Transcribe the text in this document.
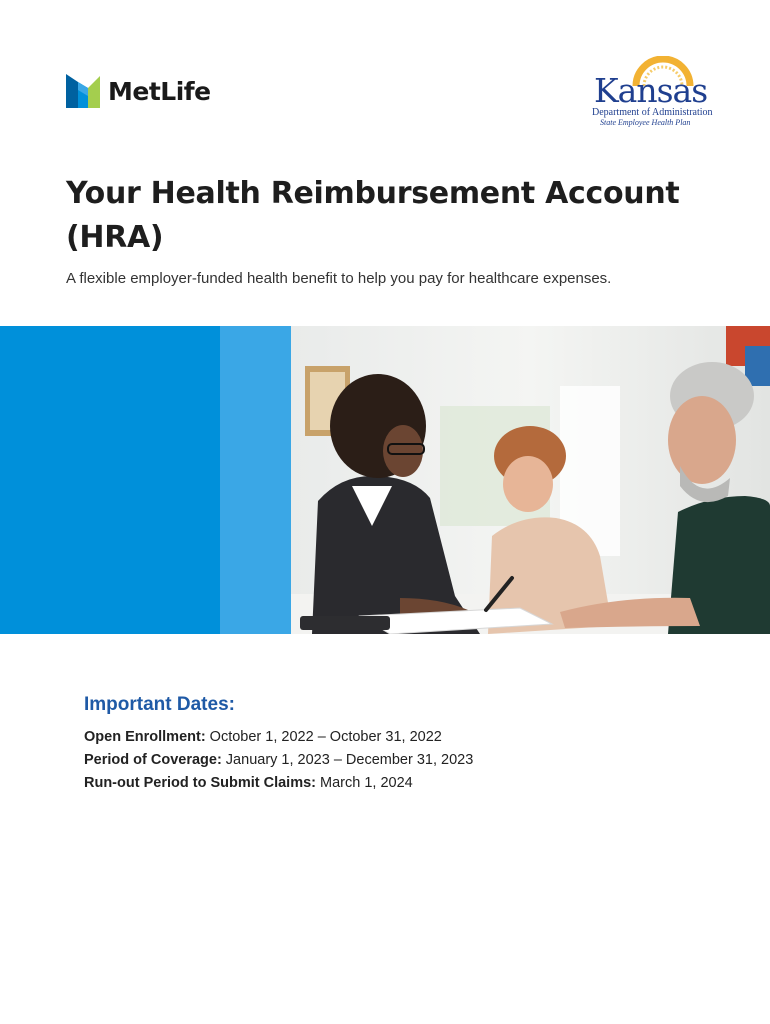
MetLife	Kansas
Department of Administration
State Employee Health Plan
Your Health Reimbursement Account (HRA)

A flexible employer-funded health benefit to help you pay for healthcare expenses.

Important Dates:
Open Enrollment: October 1, 2022 – October 31, 2022
Period of Coverage: January 1, 2023 – December 31, 2023
Run-out Period to Submit Claims: March 1, 2024
